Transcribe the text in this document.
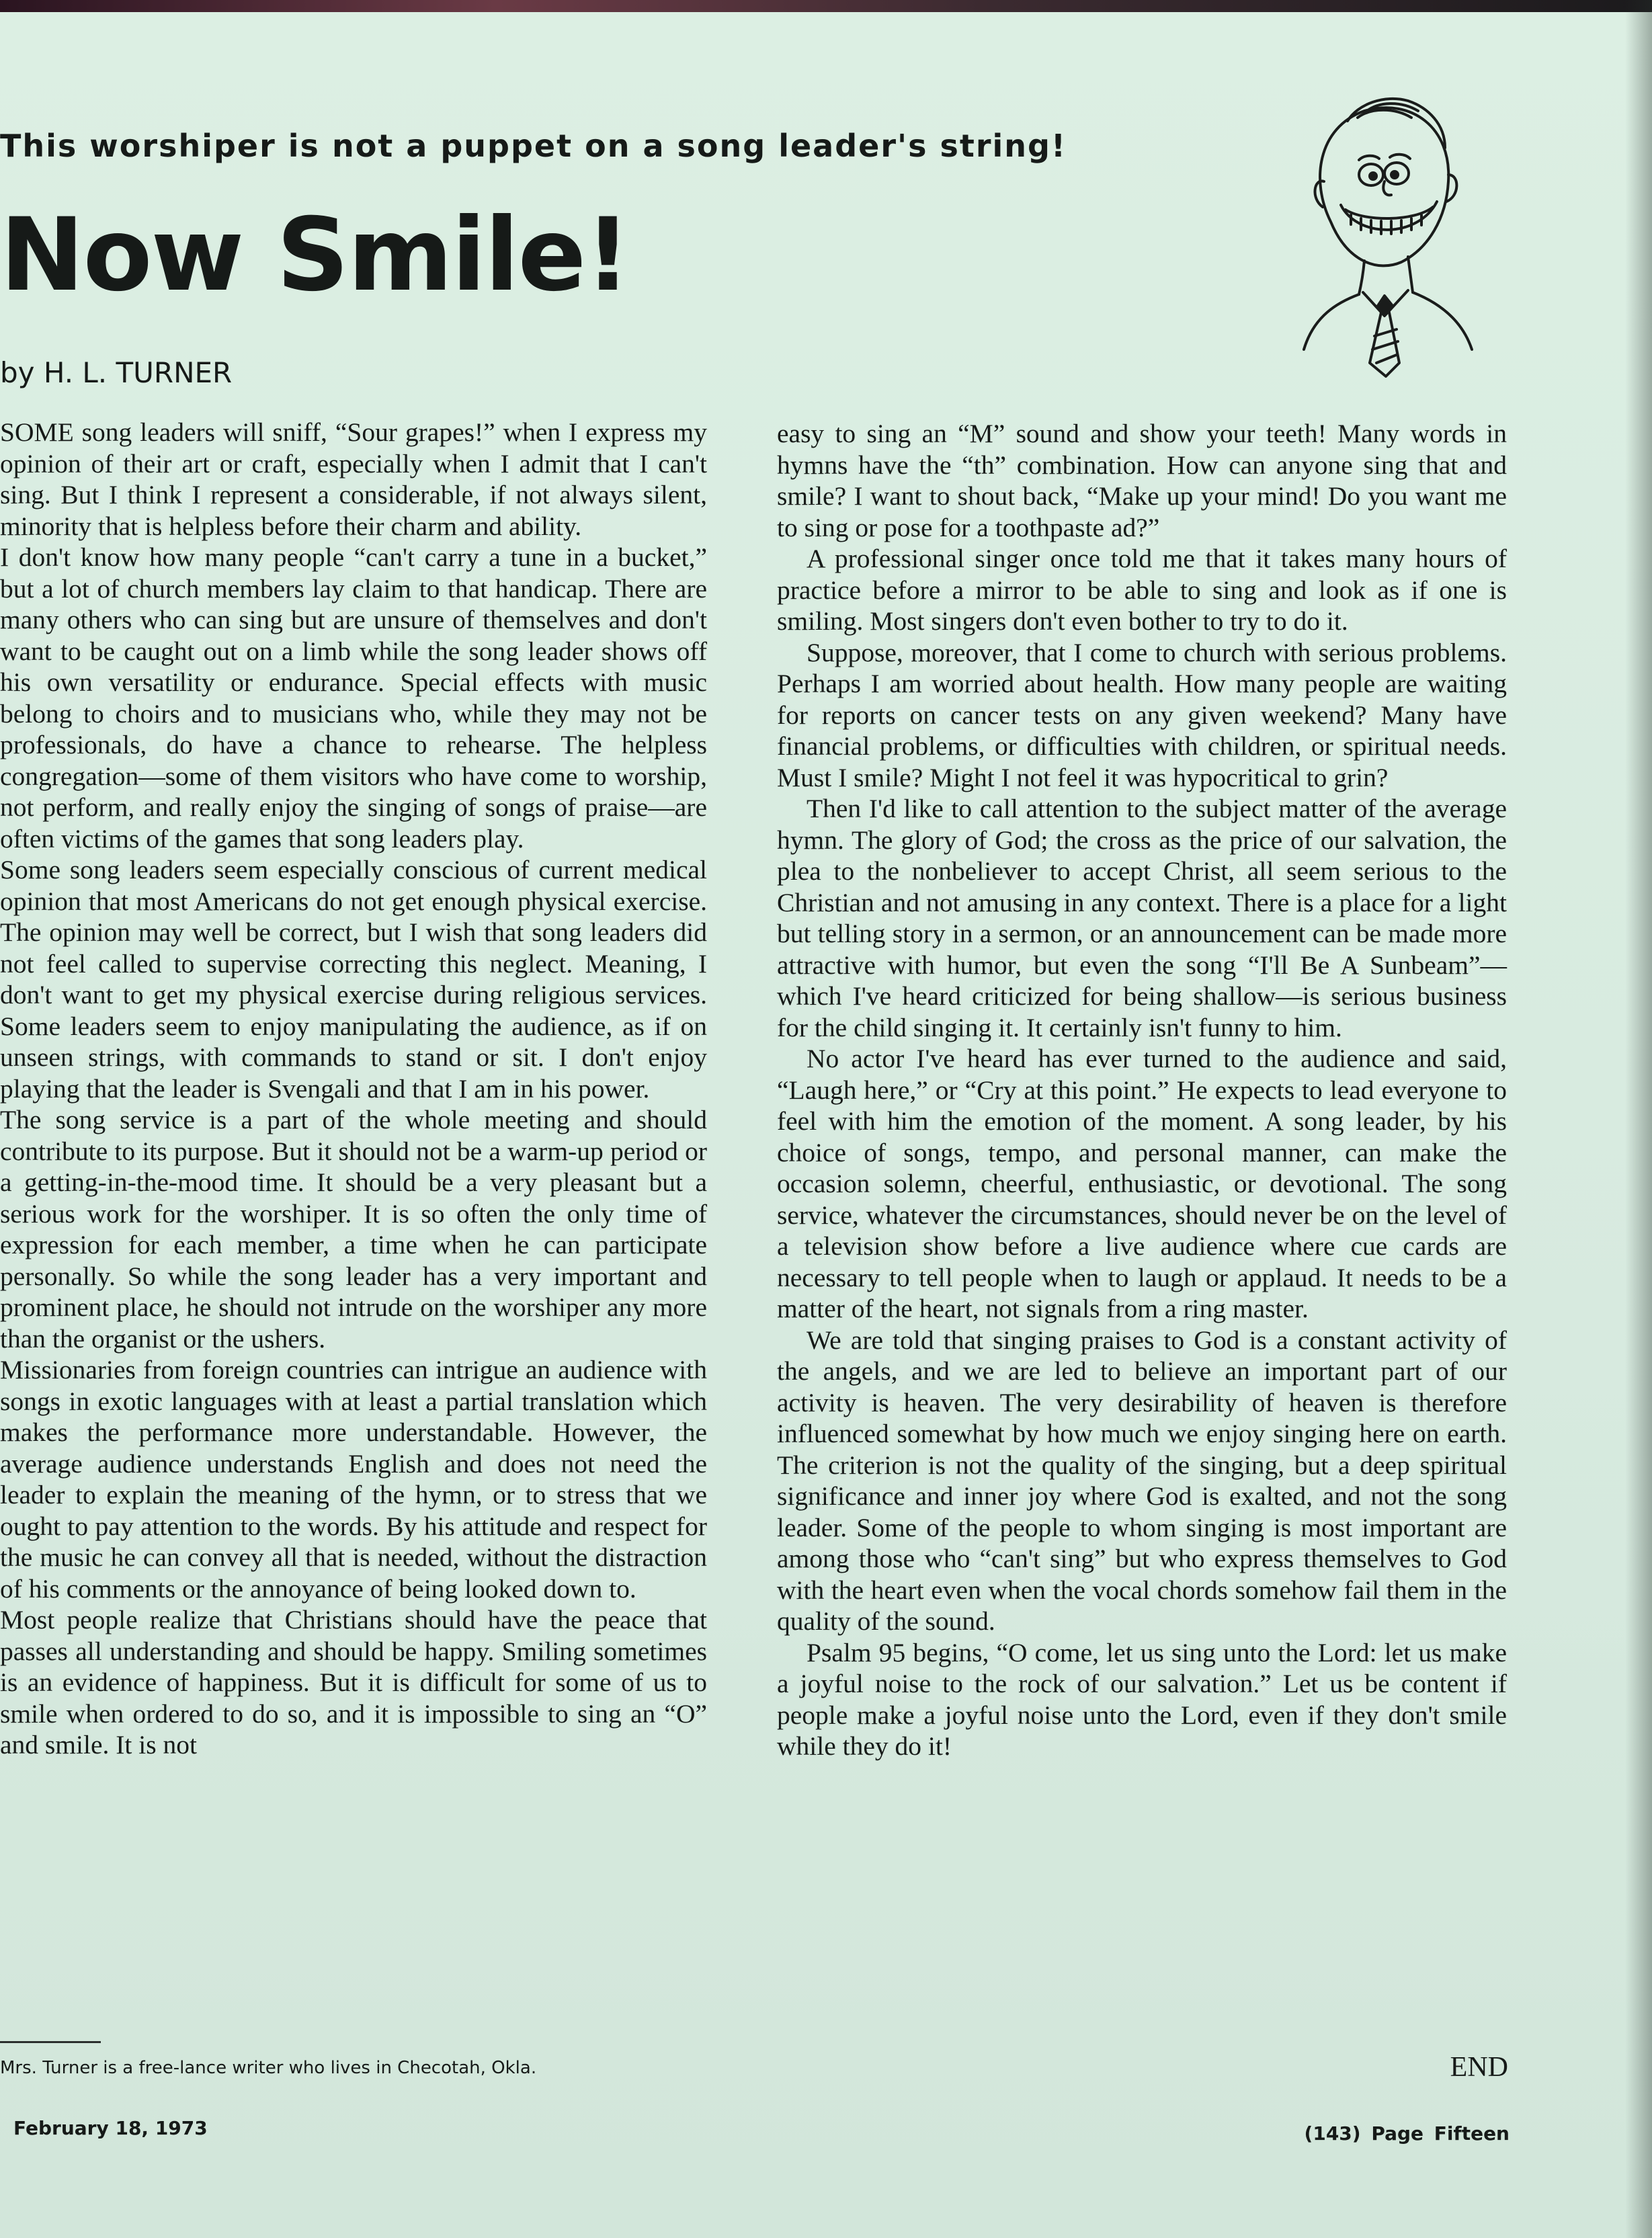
This worshiper is not a puppet on a song leader's string!
Now Smile!
by H. L. TURNER

SOME song leaders will sniff, “Sour grapes!” when I express my opinion of their art or craft, especially when I admit that I can't sing. But I think I represent a considerable, if not always silent, minority that is helpless before their charm and ability.

I don't know how many people “can't carry a tune in a bucket,” but a lot of church members lay claim to that handicap. There are many others who can sing but are unsure of themselves and don't want to be caught out on a limb while the song leader shows off his own versatility or endurance. Special effects with music belong to choirs and to musicians who, while they may not be professionals, do have a chance to rehearse. The helpless congregation—some of them visitors who have come to worship, not perform, and really enjoy the singing of songs of praise—are often victims of the games that song leaders play.

Some song leaders seem especially conscious of current medical opinion that most Americans do not get enough physical exercise. The opinion may well be correct, but I wish that song leaders did not feel called to supervise correcting this neglect. Meaning, I don't want to get my physical exercise during religious services. Some leaders seem to enjoy manipulating the audience, as if on unseen strings, with commands to stand or sit. I don't enjoy playing that the leader is Svengali and that I am in his power.

The song service is a part of the whole meeting and should contribute to its purpose. But it should not be a warm-up period or a getting-in-the-mood time. It should be a very pleasant but a serious work for the worshiper. It is so often the only time of expression for each member, a time when he can participate personally. So while the song leader has a very important and prominent place, he should not intrude on the worshiper any more than the organist or the ushers.

Missionaries from foreign countries can intrigue an audience with songs in exotic languages with at least a partial translation which makes the performance more understandable. However, the average audience understands English and does not need the leader to explain the meaning of the hymn, or to stress that we ought to pay attention to the words. By his attitude and respect for the music he can convey all that is needed, without the distraction of his comments or the annoyance of being looked down to.

Most people realize that Christians should have the peace that passes all understanding and should be happy. Smiling sometimes is an evidence of happiness. But it is difficult for some of us to smile when ordered to do so, and it is impossible to sing an “O” and smile. It is not

easy to sing an “M” sound and show your teeth! Many words in hymns have the “th” combination. How can anyone sing that and smile? I want to shout back, “Make up your mind! Do you want me to sing or pose for a toothpaste ad?”

A professional singer once told me that it takes many hours of practice before a mirror to be able to sing and look as if one is smiling. Most singers don't even bother to try to do it.

Suppose, moreover, that I come to church with serious problems. Perhaps I am worried about health. How many people are waiting for reports on cancer tests on any given weekend? Many have financial problems, or difficulties with children, or spiritual needs. Must I smile? Might I not feel it was hypocritical to grin?

Then I'd like to call attention to the subject matter of the average hymn. The glory of God; the cross as the price of our salvation, the plea to the nonbeliever to accept Christ, all seem serious to the Christian and not amusing in any context. There is a place for a light but telling story in a sermon, or an announcement can be made more attractive with humor, but even the song “I'll Be A Sunbeam”—which I've heard criticized for being shallow—is serious business for the child singing it. It certainly isn't funny to him.

No actor I've heard has ever turned to the audience and said, “Laugh here,” or “Cry at this point.” He expects to lead everyone to feel with him the emotion of the moment. A song leader, by his choice of songs, tempo, and personal manner, can make the occasion solemn, cheerful, enthusiastic, or devotional. The song service, whatever the circumstances, should never be on the level of a television show before a live audience where cue cards are necessary to tell people when to laugh or applaud. It needs to be a matter of the heart, not signals from a ring master.

We are told that singing praises to God is a constant activity of the angels, and we are led to believe an important part of our activity is heaven. The very desirability of heaven is therefore influenced somewhat by how much we enjoy singing here on earth. The criterion is not the quality of the singing, but a deep spiritual significance and inner joy where God is exalted, and not the song leader. Some of the people to whom singing is most important are among those who “can't sing” but who express themselves to God with the heart even when the vocal chords somehow fail them in the quality of the sound.

Psalm 95 begins, “O come, let us sing unto the Lord: let us make a joyful noise to the rock of our salvation.” Let us be content if people make a joyful noise unto the Lord, even if they don't smile while they do it!

END
Mrs. Turner is a free-lance writer who lives in Checotah, Okla.
February 18, 1973	(143) Page Fifteen
